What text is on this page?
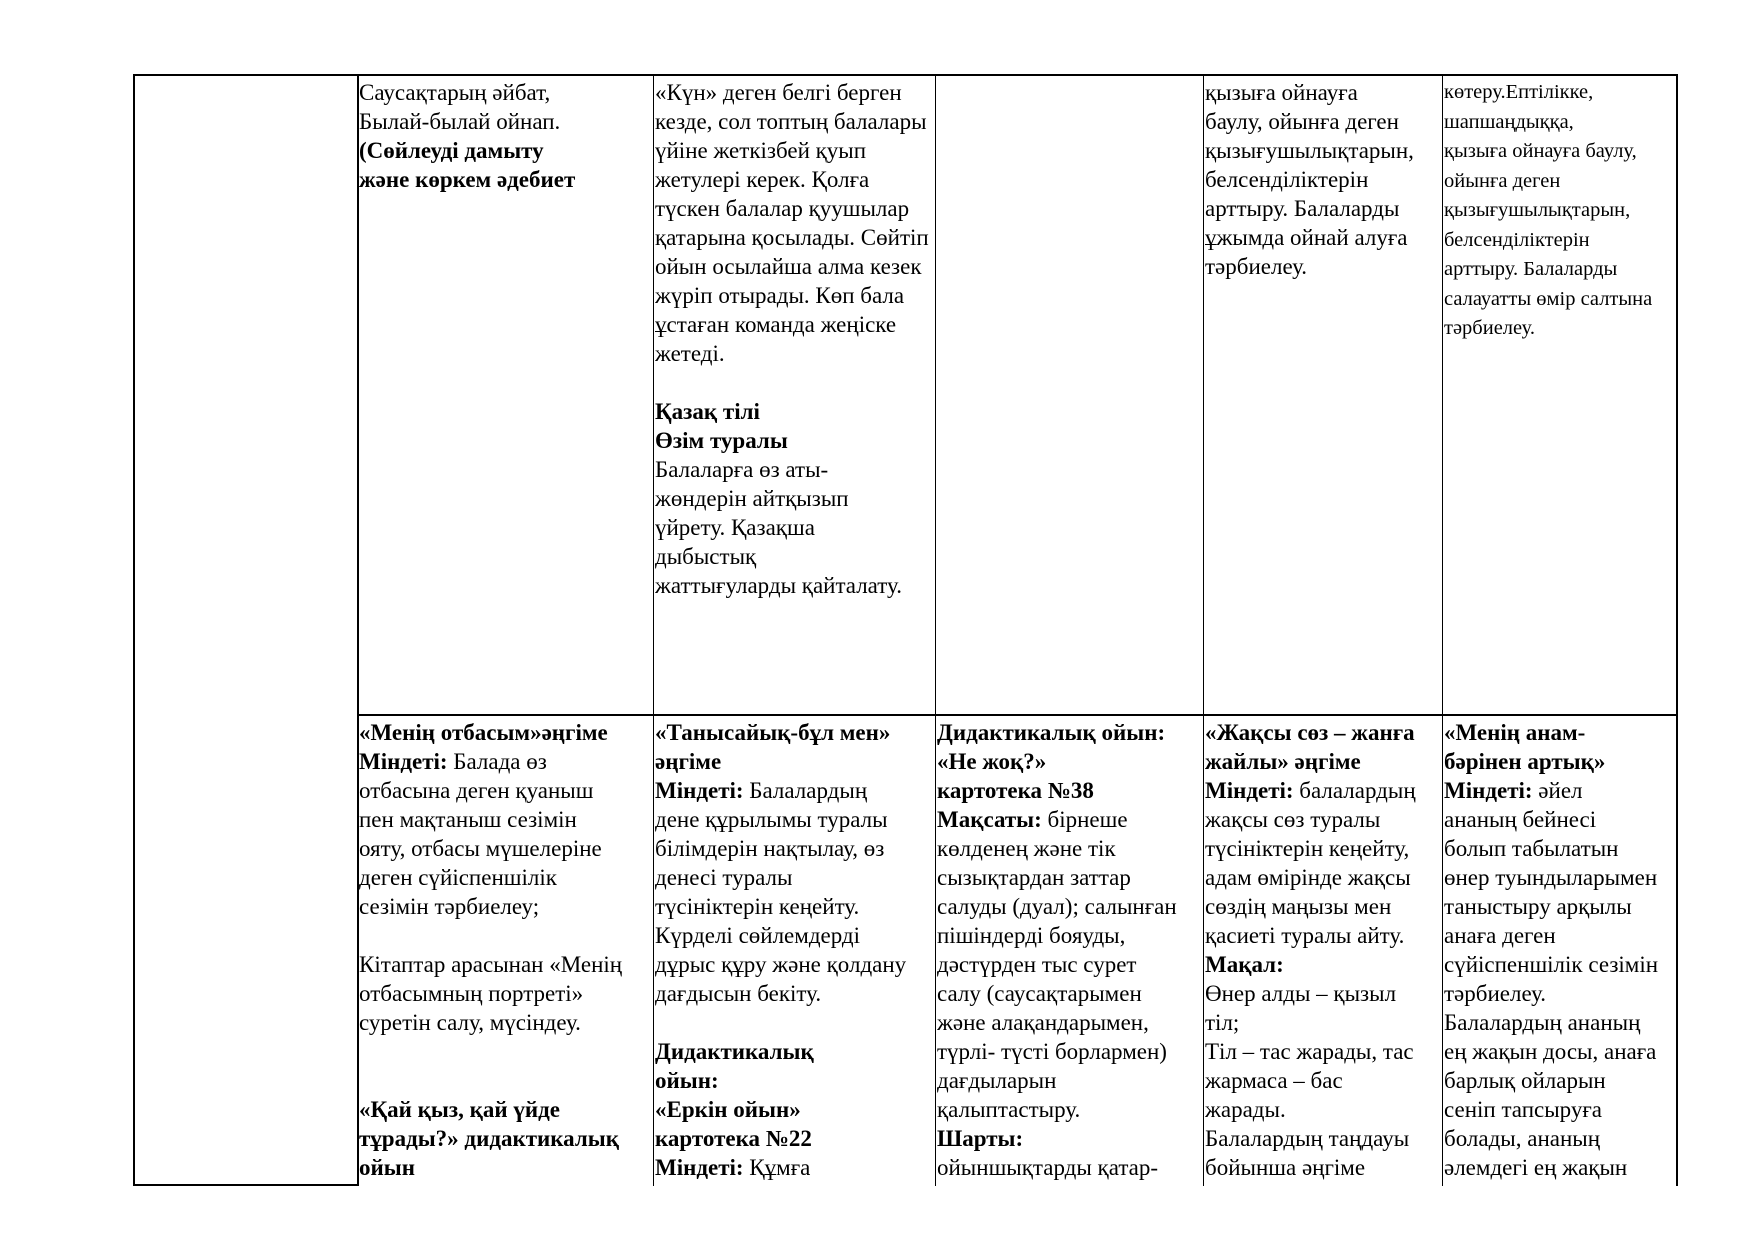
Саусақтарың әйбат,
Былай-былай ойнап.
(Сөйлеуді дамыту
және көркем әдебиет
«Күн» деген белгі берген кезде, сол топтың балалары үйіне жеткізбей қуып жетулері керек. Қолға түскен балалар қуушылар қатарына қосылады. Сөйтіп ойын осылайша алма кезек жүріп отырады. Көп бала ұстаған команда жеңіске жетеді.
Қазақ тілі
Өзім туралы
Балаларға өз аты-
жөндерін айтқызып
үйрету. Қазақша
дыбыстық
жаттығуларды қайталату.
қызыға ойнауға
баулу, ойынға деген
қызығушылықтарын,
белсенділіктерін
арттыру. Балаларды
ұжымда ойнай алуға
тәрбиелеу.
көтеру.Ептілікке,
шапшаңдыққа,
қызыға ойнауға баулу,
ойынға деген
қызығушылықтарын,
белсенділіктерін
арттыру. Балаларды
салауатты өмір салтына
тәрбиелеу.
«Менің отбасым»әңгіме
Міндеті: Балада өз
отбасына деген қуаныш
пен мақтаныш сезімін
ояту, отбасы мүшелеріне
деген сүйіспеншілік
сезімін тәрбиелеу;

Кітаптар арасынан «Менің
отбасымның портреті»
суретін салу, мүсіндеу.

«Қай қыз, қай үйде
тұрады?» дидактикалық
ойын
«Танысайық-бұл мен»
әңгіме
Міндеті: Балалардың
дене құрылымы туралы
білімдерін нақтылау, өз
денесі туралы
түсініктерін кеңейту.
Күрделі сөйлемдерді
дұрыс құру және қолдану
дағдысын бекіту.

Дидактикалық
ойын:
«Еркін ойын»
картотека №22
Міндеті: Құмға
Дидактикалық ойын:
«Не жоқ?»
картотека №38
Мақсаты: бірнеше
көлденең және тік
сызықтардан заттар
салуды (дуал); салынған
пішіндерді бояуды,
дәстүрден тыс сурет
салу (саусақтарымен
және алақандарымен,
түрлі- түсті борлармен)
дағдыларын
қалыптастыру.
Шарты:
ойыншықтарды қатар-
«Жақсы сөз – жанға
жайлы» әңгіме
Міндеті: балалардың
жақсы сөз туралы
түсініктерін кеңейту,
адам өмірінде жақсы
сөздің маңызы мен
қасиеті туралы айту.
Мақал:
Өнер алды – қызыл
тіл;
Тіл – тас жарады, тас
жармаса – бас
жарады.
Балалардың таңдауы
бойынша әңгіме
«Менің анам-
бәрінен артық»
Міндеті: әйел
ананың бейнесі
болып табылатын
өнер туындыларымен
таныстыру арқылы
анаға деген
сүйіспеншілік сезімін
тәрбиелеу.
Балалардың ананың
ең жақын досы, анаға
барлық ойларын
сеніп тапсыруға
болады, ананың
әлемдегі ең жақын
